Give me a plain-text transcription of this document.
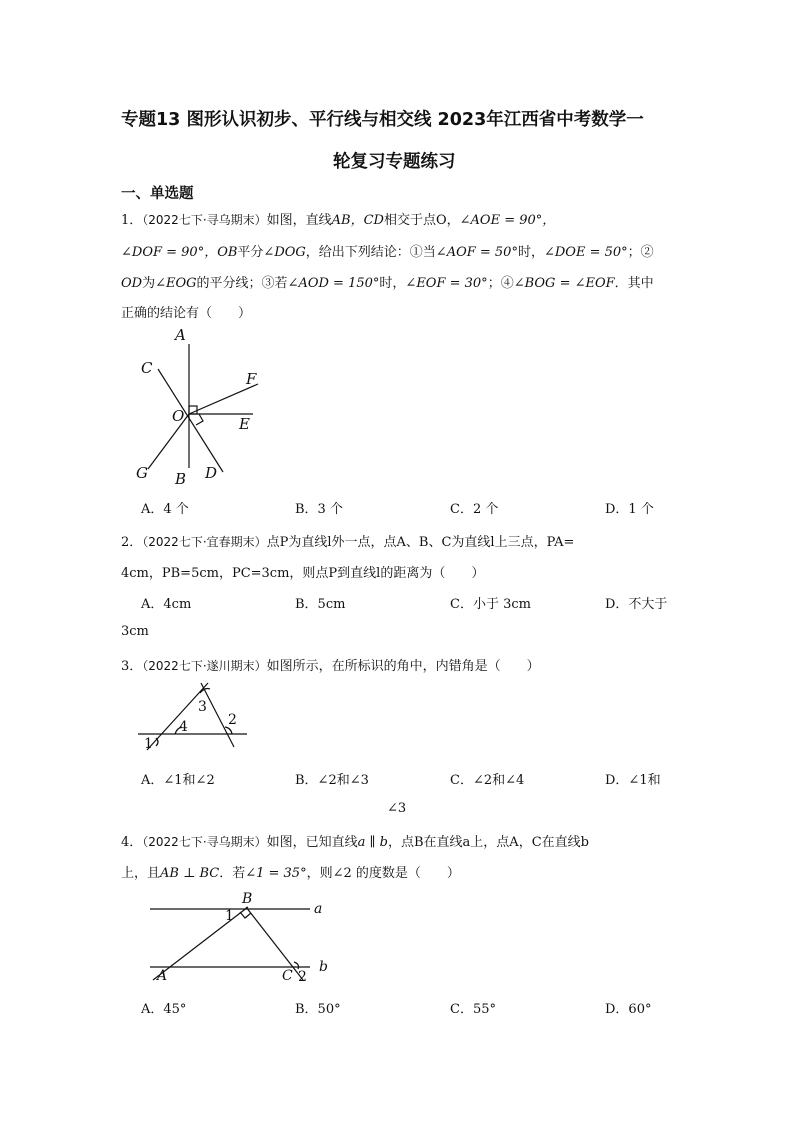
专题13 图形认识初步、平行线与相交线 2023年江西省中考数学一
轮复习专题练习
一、单选题
1．（2022七下·寻乌期末）如图，直线AB，CD相交于点O，∠AOE = 90°，
∠DOF = 90°，OB平分∠DOG，给出下列结论：①当∠AOF = 50°时，∠DOE = 50°；②
OD为∠EOG的平分线；③若∠AOD = 150°时，∠EOF = 30°；④∠BOG = ∠EOF．其中
正确的结论有（　　）
A
C
F
O	E
G B D
A．4 个	B．3 个	C．2 个	D．1 个
2．（2022七下·宜春期末）点P为直线l外一点，点A、B、C为直线l上三点，PA=
4cm，PB=5cm，PC=3cm，则点P到直线l的距离为（　　）
A．4cm	B．5cm	C．小于 3cm	D．不大于
3cm
3．（2022七下·遂川期末）如图所示，在所标识的角中，内错角是（　　）
3
4
1
2
A．∠1和∠2	B．∠2和∠3	C．∠2和∠4	D．∠1和
∠3
4．（2022七下·寻乌期末）如图，已知直线a ∥ b，点B在直线a上，点A，C在直线b
上，且AB ⊥ BC．若∠1 = 35°，则∠2 的度数是（　　）
B
a
1
A	C 2
b
A．45°	B．50°	C．55°	D．60°
